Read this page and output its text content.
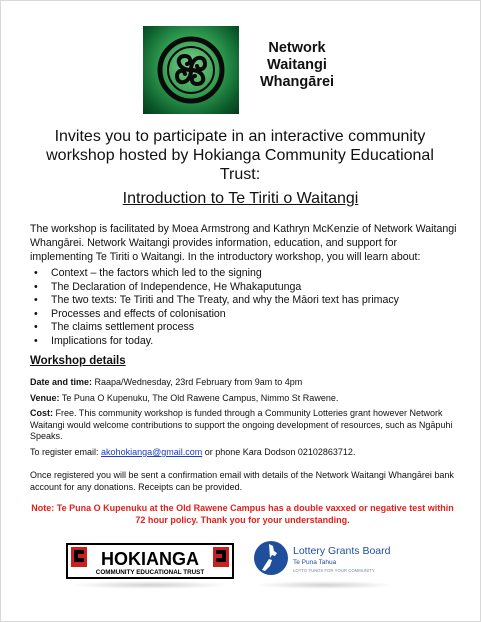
Network
Waitangi
Whangārei
Invites you to participate in an interactive community workshop hosted by Hokianga Community Educational Trust:
Introduction to Te Tiriti o Waitangi
The workshop is facilitated by Moea Armstrong and Kathryn McKenzie of Network Waitangi Whangārei. Network Waitangi provides information, education, and support for implementing Te Tiriti o Waitangi. In the introductory workshop, you will learn about:
• Context – the factors which led to the signing
• The Declaration of Independence, He Whakaputunga
• The two texts: Te Tiriti and The Treaty, and why the Māori text has primacy
• Processes and effects of colonisation
• The claims settlement process
• Implications for today.
Workshop details
Date and time: Raapa/Wednesday, 23rd February from 9am to 4pm
Venue: Te Puna O Kupenuku, The Old Rawene Campus, Nimmo St Rawene.
Cost: Free. This community workshop is funded through a Community Lotteries grant however Network Waitangi would welcome contributions to support the ongoing development of resources, such as Ngāpuhi Speaks.
To register email: akohokianga@gmail.com or phone Kara Dodson 02102863712.
Once registered you will be sent a confirmation email with details of the Network Waitangi Whangārei bank account for any donations. Receipts can be provided.
Note: Te Puna O Kupenuku at the Old Rawene Campus has a double vaxxed or negative test within 72 hour policy. Thank you for your understanding.
HOKIANGA
COMMUNITY EDUCATIONAL TRUST
Lottery Grants Board
Te Puna Tahua
LOTTO FUNDS FOR YOUR COMMUNITY
